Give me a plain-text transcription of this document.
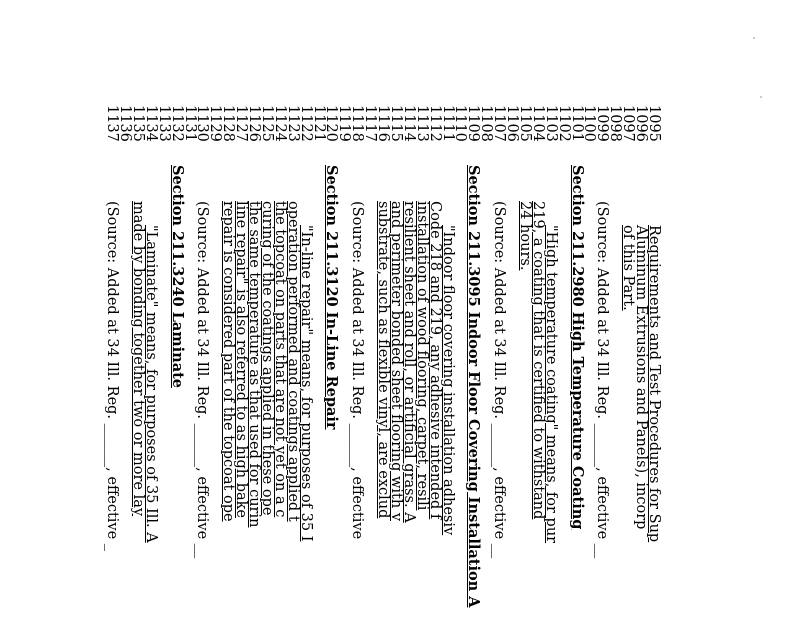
1095
Requirements and Test Procedures for Sup
1096
Aluminum Extrusions and Panels), incorp
1097
of this Part.
1098
1099
(Source: Added at 34 Ill. Reg. ______, effective __
1100
1101
Section 211.2980 High Temperature Coating
1102
1103
"High temperature coating" means, for pur
1104
219, a coating that is certified to withstand
1105
24 hours.
1106
1107
(Source: Added at 34 Ill. Reg. ______, effective __
1108
1109
Section 211.3095 Indoor Floor Covering Installation A
1110
1111
"Indoor floor covering installation adhesiv
1112
Code 218 and 219, any adhesive intended f
1113
installation of wood flooring, carpet, resili
1114
resilient sheet and roll, or artificial grass. A
1115
and perimeter bonded sheet flooring with v
1116
substrate, such as flexible vinyl, are exclud
1117
1118
(Source: Added at 34 Ill. Reg. ______, effective
1119
1120
Section 211.3120 In-Line Repair
1121
1122
"In-line repair" means, for purposes of 35 I
1123
operation performed and coatings applied t
1124
the topcoat on parts that are not yet on a c
1125
curing of the coatings applied in these ope
1126
the same temperature as that used for curin
1127
line repair" is also referred to as high bake
1128
repair is considered part of the topcoat ope
1129
1130
(Source: Added at 34 Ill. Reg. ______, effective __
1131
1132
Section 211.3240 Laminate
1133
1134
"Laminate" means, for purposes of 35 Ill. A
1135
made by bonding together two or more lay
1136
1137
(Source: Added at 34 Ill. Reg. ______, effective _
